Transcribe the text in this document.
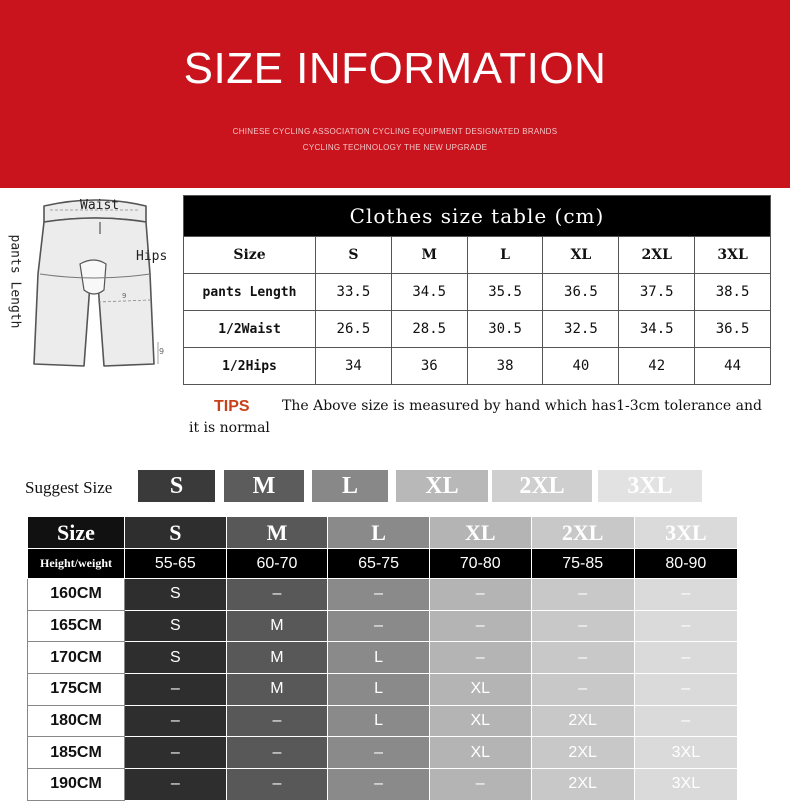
SIZE INFORMATION
CHINESE CYCLING ASSOCIATION CYCLING EQUIPMENT DESIGNATED BRANDS
CYCLING TECHNOLOGY THE NEW UPGRADE
9
9
Waist
Hips
pants Length
Clothes size table (cm)						
Size	S	M	L	XL	2XL	3XL
pants Length	33.5	34.5	35.5	36.5	37.5	38.5
1/2Waist	26.5	28.5	30.5	32.5	34.5	36.5
1/2Hips	34	36	38	40	42	44
The Above size is measured by hand which has1-3cm tolerance and it is normal
TIPS
Suggest Size	S	M	L	XL	2XL	3XL
Size	S	M	L	XL	2XL	3XL
Height/weight	55-65	60-70	65-75	70-80	75-85	80-90
160CM	S	–	–	–	–	–
165CM	S	M	–	–	–	–
170CM	S	M	L	–	–	–
175CM	–	M	L	XL	–	–
180CM	–	–	L	XL	2XL	–
185CM	–	–	–	XL	2XL	3XL
190CM	–	–	–	–	2XL	3XL
